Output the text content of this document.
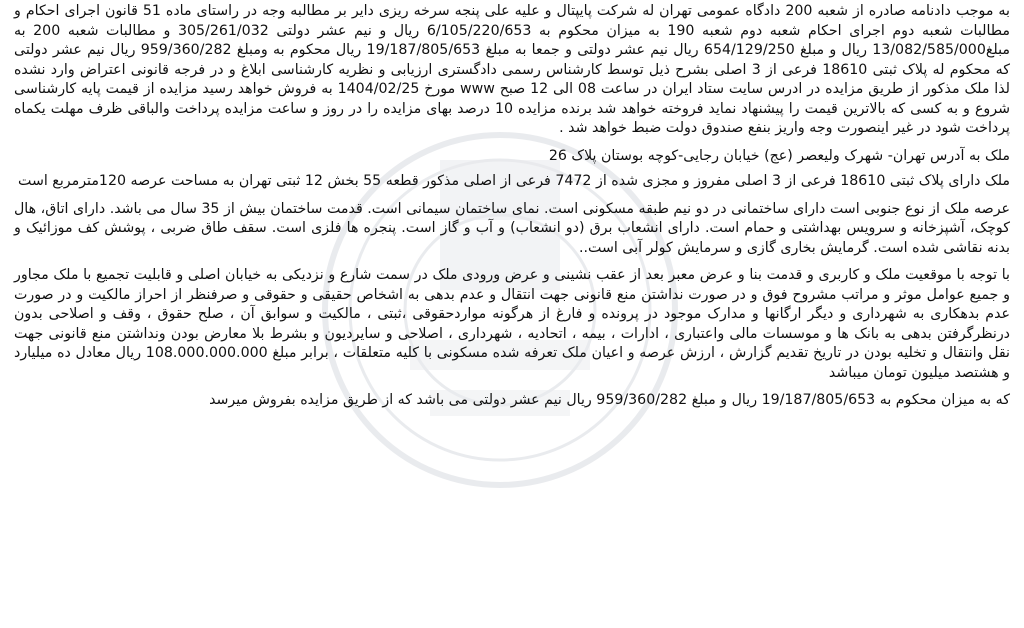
به موجب دادنامه صادره از شعبه 200 دادگاه عمومی تهران له شرکت پایپتال و علیه علی پنجه سرخه ریزی دایر بر مطالبه وجه در راستای ماده 51 قانون اجرای احکام و مطالبات شعبه دوم اجرای احکام شعبه دوم شعبه 190 به میزان محکوم به 6/105/220/653 ریال و نیم عشر دولتی 305/261/032 و مطالبات شعبه 200 به مبلغ13/082/585/000 ریال و مبلغ 654/129/250 ریال نیم عشر دولتی و جمعا به مبلغ 19/187/805/653 ریال محکوم به ومبلغ 959/360/282 ریال نیم عشر دولتی که محکوم له پلاک ثبتی 18610 فرعی از 3 اصلی بشرح ذیل توسط کارشناس رسمی دادگستری ارزیابی و نظریه کارشناسی ابلاغ و در فرجه قانونی اعتراض وارد نشده لذا ملک مذکور از طریق مزایده در ادرس سایت ستاد ایران در ساعت 08 الی 12 صبح www مورخ 1404/02/25 به فروش خواهد رسید مزایده از قیمت پایه کارشناسی شروع و به کسی که بالاترین قیمت را پیشنهاد نماید فروخته خواهد شد برنده مزایده 10 درصد بهای مزایده را در روز و ساعت مزایده پرداخت والباقی ظرف مهلت یکماه پرداخت شود در غیر اینصورت وجه واریز بنفع صندوق دولت ضبط خواهد شد .

ملک به آدرس تهران- شهرک ولیعصر (عج) خیابان رجایی-کوچه بوستان پلاک 26

ملک دارای پلاک ثبتی 18610 فرعی از 3 اصلی مفروز و مجزی شده از 7472 فرعی از اصلی مذکور قطعه 55 بخش 12 ثبتی تهران به مساحت عرصه 120مترمربع است

عرصه ملک از نوع جنوبی است دارای ساختمانی در دو نیم طبقه مسکونی است. نمای ساختمان سیمانی است. قدمت ساختمان بیش از 35 سال می باشد. دارای اتاق، هال کوچک، آشپزخانه و سرویس بهداشتی و حمام است. دارای انشعاب برق (دو انشعاب) و آب و گاز است. پنجره ها فلزی است. سقف طاق ضربی ، پوشش کف موزائیک و بدنه نقاشی شده است. گرمایش بخاری گازی و سرمایش کولر آبی است..

با توجه با موقعیت ملک و کاربری و قدمت بنا و عرض معبر بعد از عقب نشینی و عرض ورودی ملک در سمت شارع و نزدیکی به خیابان اصلی و قابلیت تجمیع با ملک مجاور و جمیع عوامل موثر و مراتب مشروح فوق و در صورت نداشتن منع قانونی جهت انتقال و عدم بدهی به اشخاص حقیقی و حقوقی و صرفنظر از احراز مالکیت و در صورت عدم بدهکاری به شهرداری و دیگر ارگانها و مدارک موجود در پرونده و فارغ از هرگونه مواردحقوقی ،ثبتی ، مالکیت و سوابق آن ، صلح حقوق ، وقف و اصلاحی بدون درنظرگرفتن بدهی به بانک ها و موسسات مالی واعتباری ، ادارات ، بیمه ، اتحادیه ، شهرداری ، اصلاحی و سایردیون و بشرط بلا معارض بودن ونداشتن منع قانونی جهت نقل وانتقال و تخلیه بودن در تاریخ تقدیم گزارش ، ارزش عرصه و اعیان ملک تعرفه شده مسکونی با کلیه متعلقات ، برابر مبلغ 108.000.000.000 ریال معادل ده میلیارد و هشتصد میلیون تومان میباشد

که به میزان محکوم به 19/187/805/653 ریال و مبلغ 959/360/282 ریال نیم عشر دولتی می باشد که از طریق مزایده بفروش میرسد
